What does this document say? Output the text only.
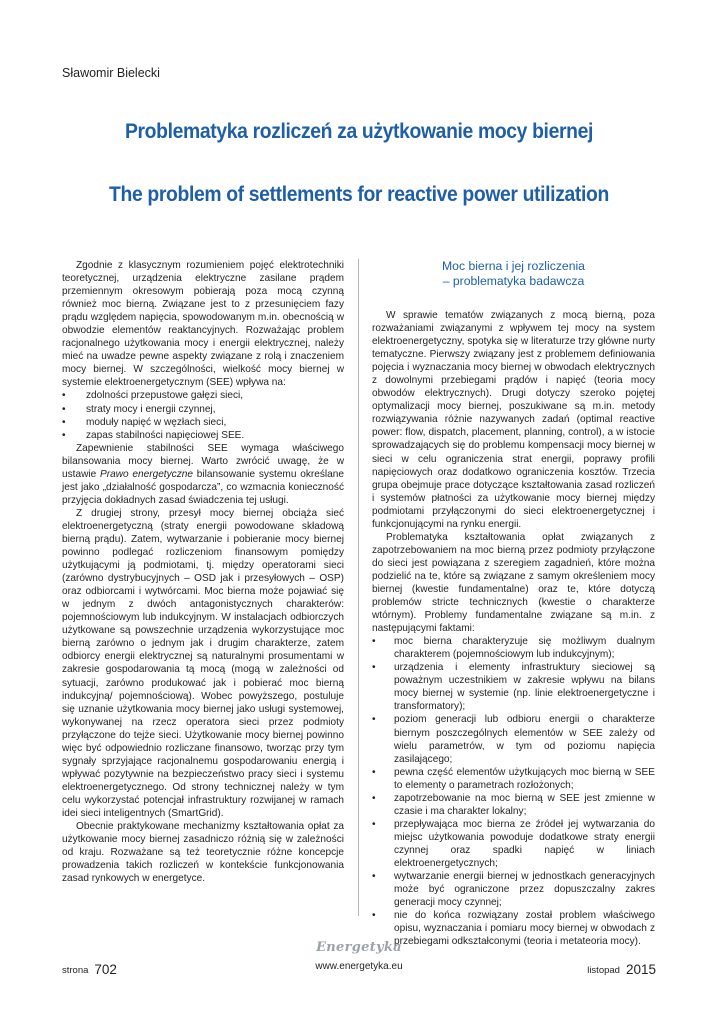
Sławomir Bielecki
Problematyka rozliczeń za użytkowanie mocy biernej
The problem of settlements for reactive power utilization

Zgodnie z klasycznym rozumieniem pojęć elektrotechniki teoretycznej, urządzenia elektryczne zasilane prądem przemiennym okresowym pobierają poza mocą czynną również moc bierną. Związane jest to z przesunięciem fazy prądu względem napięcia, spowodowanym m.in. obecnością w obwodzie elementów reaktancyjnych. Rozważając problem racjonalnego użytkowania mocy i energii elektrycznej, należy mieć na uwadze pewne aspekty związane z rolą i znaczeniem mocy biernej. W szczególności, wielkość mocy biernej w systemie elektroenergetycznym (SEE) wpływa na:

• zdolności przepustowe gałęzi sieci,
• straty mocy i energii czynnej,
• moduły napięć w węzłach sieci,
• zapas stabilności napięciowej SEE.

Zapewnienie stabilności SEE wymaga właściwego bilansowania mocy biernej. Warto zwrócić uwagę, że w ustawie Prawo energetyczne bilansowanie systemu określane jest jako „działalność gospodarcza”, co wzmacnia konieczność przyjęcia dokładnych zasad świadczenia tej usługi.

Z drugiej strony, przesył mocy biernej obciąża sieć elektroenergetyczną (straty energii powodowane składową bierną prądu). Zatem, wytwarzanie i pobieranie mocy biernej powinno podlegać rozliczeniom finansowym pomiędzy użytkującymi ją podmiotami, tj. między operatorami sieci (zarówno dystrybucyjnych – OSD jak i przesyłowych – OSP) oraz odbiorcami i wytwórcami. Moc bierna może pojawiać się w jednym z dwóch antagonistycznych charakterów: pojemnościowym lub indukcyjnym. W instalacjach odbiorczych użytkowane są powszechnie urządzenia wykorzystujące moc bierną zarówno o jednym jak i drugim charakterze, zatem odbiorcy energii elektrycznej są naturalnymi prosumentami w zakresie gospodarowania tą mocą (mogą w zależności od sytuacji, zarówno produkować jak i pobierać moc bierną indukcyjną/ pojemnościową). Wobec powyższego, postuluje się uznanie użytkowania mocy biernej jako usługi systemowej, wykonywanej na rzecz operatora sieci przez podmioty przyłączone do tejże sieci. Użytkowanie mocy biernej powinno więc być odpowiednio rozliczane finansowo, tworząc przy tym sygnały sprzyjające racjonalnemu gospodarowaniu energią i wpływać pozytywnie na bezpieczeństwo pracy sieci i systemu elektroenergetycznego. Od strony technicznej należy w tym celu wykorzystać potencjał infrastruktury rozwijanej w ramach idei sieci inteligentnych (SmartGrid).

Obecnie praktykowane mechanizmy kształtowania opłat za użytkowanie mocy biernej zasadniczo różnią się w zależności od kraju. Rozważane są też teoretycznie różne koncepcje prowadzenia takich rozliczeń w kontekście funkcjonowania zasad rynkowych w energetyce.

Moc bierna i jej rozliczenia
– problematyka badawcza

W sprawie tematów związanych z mocą bierną, poza rozważaniami związanymi z wpływem tej mocy na system elektroenergetyczny, spotyka się w literaturze trzy główne nurty tematyczne. Pierwszy związany jest z problemem definiowania pojęcia i wyznaczania mocy biernej w obwodach elektrycznych z dowolnymi przebiegami prądów i napięć (teoria mocy obwodów elektrycznych). Drugi dotyczy szeroko pojętej optymalizacji mocy biernej, poszukiwane są m.in. metody rozwiązywania różnie nazywanych zadań (optimal reactive power: flow, dispatch, placement, planning, control), a w istocie sprowadzających się do problemu kompensacji mocy biernej w sieci w celu ograniczenia strat energii, poprawy profili napięciowych oraz dodatkowo ograniczenia kosztów. Trzecia grupa obejmuje prace dotyczące kształtowania zasad rozliczeń i systemów płatności za użytkowanie mocy biernej między podmiotami przyłączonymi do sieci elektroenergetycznej i funkcjonującymi na rynku energii.

Problematyka kształtowania opłat związanych z zapotrzebowaniem na moc bierną przez podmioty przyłączone do sieci jest powiązana z szeregiem zagadnień, które można podzielić na te, które są związane z samym określeniem mocy biernej (kwestie fundamentalne) oraz te, które dotyczą problemów stricte technicznych (kwestie o charakterze wtórnym). Problemy fundamentalne związane są m.in. z następującymi faktami:

• moc bierna charakteryzuje się możliwym dualnym charakterem (pojemnościowym lub indukcyjnym);
• urządzenia i elementy infrastruktury sieciowej są poważnym uczestnikiem w zakresie wpływu na bilans mocy biernej w systemie (np. linie elektroenergetyczne i transformatory);
• poziom generacji lub odbioru energii o charakterze biernym poszczególnych elementów w SEE zależy od wielu parametrów, w tym od poziomu napięcia zasilającego;
• pewna część elementów użytkujących moc bierną w SEE to elementy o parametrach rozłożonych;
• zapotrzebowanie na moc bierną w SEE jest zmienne w czasie i ma charakter lokalny;
• przepływająca moc bierna ze źródeł jej wytwarzania do miejsc użytkowania powoduje dodatkowe straty energii czynnej oraz spadki napięć w liniach elektroenergetycznych;
• wytwarzanie energii biernej w jednostkach generacyjnych może być ograniczone przez dopuszczalny zakres generacji mocy czynnej;
• nie do końca rozwiązany został problem właściwego opisu, wyznaczania i pomiaru mocy biernej w obwodach z przebiegami odkształconymi (teoria i metateoria mocy).
Energetyka
strona 702	www.energetyka.eu	listopad 2015
